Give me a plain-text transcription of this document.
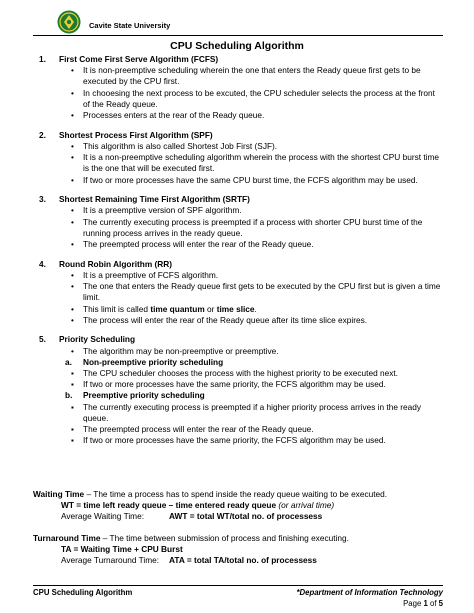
Cavite State University
CPU Scheduling Algorithm
1.	First Come First Serve Algorithm (FCFS)
• It is non-preemptive scheduling wherein the one that enters the Ready queue first gets to be executed by the CPU first.
• In chooesing the next process to be excuted, the CPU scheduler selects the process at the front of the Ready queue.
• Processes enters at the rear of the Ready queue.
2.	Shortest Process First Algorithm (SPF)
• This algorithm is also called Shortest Job First (SJF).
• It is a non-preemptive scheduling algorithm wherein the process with the shortest CPU burst time is the one that will be executed first.
• If two or more processes have the same CPU burst time, the FCFS algorithm may be used.
3.	Shortest Remaining Time First Algorithm (SRTF)
• It is a preemptive version of SPF algorithm.
• The currently executing process is preempted if a process with shorter CPU burst time of the running process arrives in the ready queue.
• The preempted process will enter the rear of the Ready queue.
4.	Round Robin Algorithm (RR)
• It is a preemptive of FCFS algorithm.
• The one that enters the Ready queue first gets to be executed by the CPU first but is given a time limit.
• This limit is called time quantum or time slice.
• The process will enter the rear of the Ready queue after its time slice expires.
5.	Priority Scheduling
• The algorithm may be non-preemptive or preemptive.
a.	Non-preemptive priority scheduling
▪ The CPU scheduler chooses the process with the highest priority to be executed next.
▪ If two or more processes have the same priority, the FCFS algorithm may be used.
b.	Preemptive priority scheduling
▪ The currently executing process is preempted if a higher priority process arrives in the ready queue.
▪ The preempted process will enter the rear of the Ready queue.
▪ If two or more processes have the same priority, the FCFS algorithm may be used.
Waiting Time – The time a process has to spend inside the ready queue waiting to be executed.
WT = time left ready queue – time entered ready queue (or arrival time)
Average Waiting Time:	AWT = total WT/total no. of processess
Turnaround Time – The time between submission of process and finishing executing.
TA = Waiting Time + CPU Burst
Average Turnaround Time: ATA = total TA/total no. of processess
CPU Scheduling Algorithm	*Department of Information Technology
Page 1 of 5
